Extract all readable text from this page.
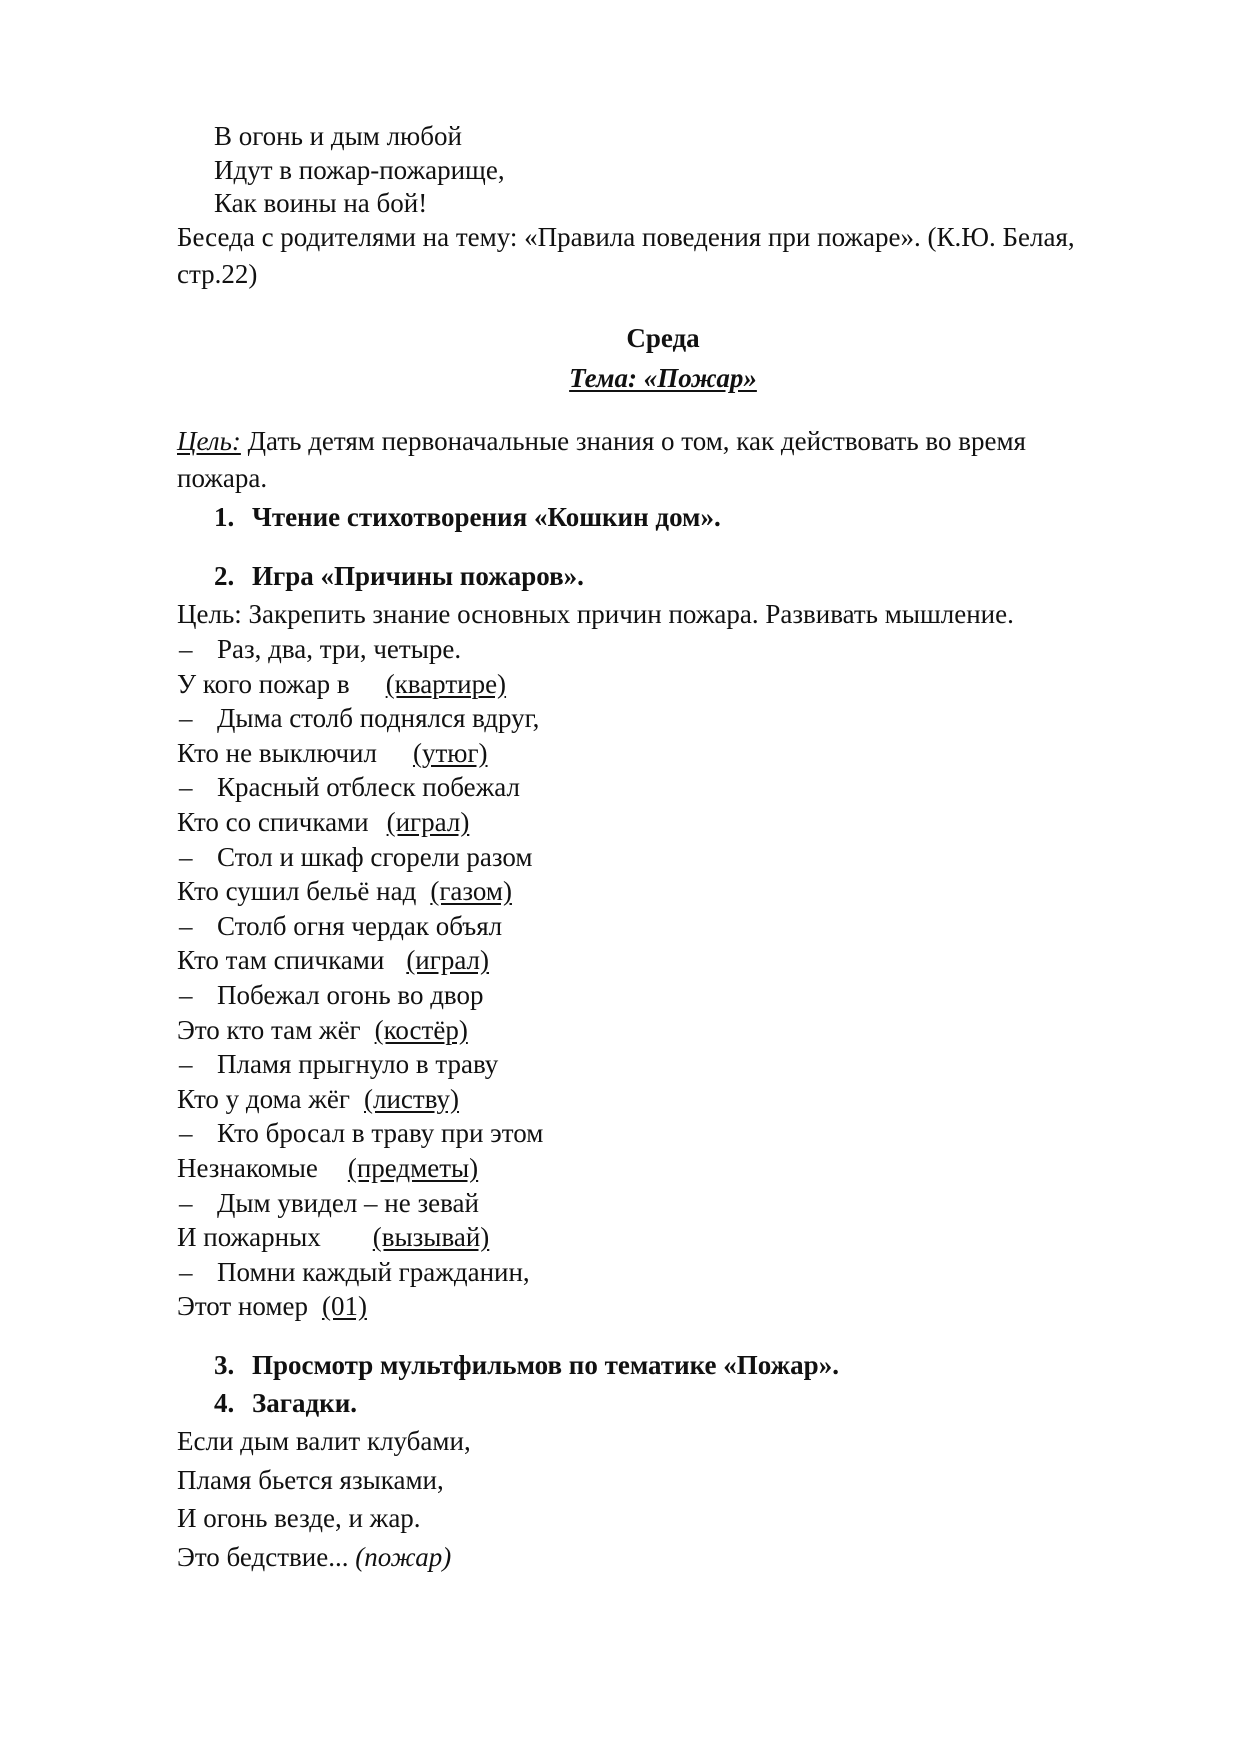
В огонь и дым любой
Идут в пожар-пожарище,
Как воины на бой!
Беседа с родителями на тему: «Правила поведения при пожаре». (К.Ю. Белая,
стр.22)
Среда
Тема: «Пожар»
Цель: Дать детям первоначальные знания о том, как действовать во время
пожара.
1. Чтение стихотворения «Кошкин дом».
2. Игра «Причины пожаров».
Цель: Закрепить знание основных причин пожара. Развивать мышление.
– Раз, два, три, четыре.
У кого пожар в (квартире)
– Дыма столб поднялся вдруг,
Кто не выключил (утюг)
– Красный отблеск побежал
Кто со спичками (играл)
– Стол и шкаф сгорели разом
Кто сушил бельё над (газом)
– Столб огня чердак объял
Кто там спичками (играл)
– Побежал огонь во двор
Это кто там жёг (костёр)
– Пламя прыгнуло в траву
Кто у дома жёг (листву)
– Кто бросал в траву при этом
Незнакомые (предметы)
– Дым увидел – не зевай
И пожарных (вызывай)
– Помни каждый гражданин,
Этот номер (01)
3. Просмотр мультфильмов по тематике «Пожар».
4. Загадки.
Если дым валит клубами,
Пламя бьется языками,
И огонь везде, и жар.
Это бедствие... (пожар)
